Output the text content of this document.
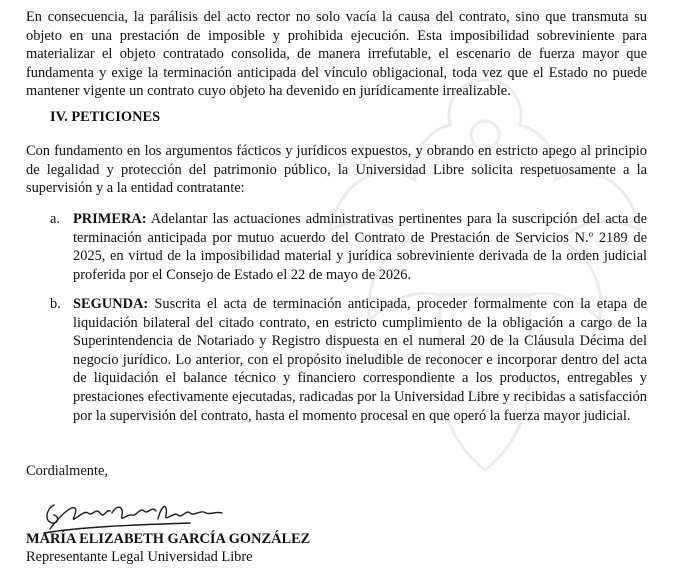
En consecuencia, la parálisis del acto rector no solo vacía la causa del contrato, sino que transmuta su objeto en una prestación de imposible y prohibida ejecución. Esta imposibilidad sobreviniente para materializar el objeto contratado consolida, de manera irrefutable, el escenario de fuerza mayor que fundamenta y exige la terminación anticipada del vínculo obligacional, toda vez que el Estado no puede mantener vigente un contrato cuyo objeto ha devenido en jurídicamente irrealizable.
IV. PETICIONES
Con fundamento en los argumentos fácticos y jurídicos expuestos, y obrando en estricto apego al principio de legalidad y protección del patrimonio público, la Universidad Libre solicita respetuosamente a la supervisión y a la entidad contratante:
a. PRIMERA: Adelantar las actuaciones administrativas pertinentes para la suscripción del acta de terminación anticipada por mutuo acuerdo del Contrato de Prestación de Servicios N.º 2189 de 2025, en virtud de la imposibilidad material y jurídica sobreviniente derivada de la orden judicial proferida por el Consejo de Estado el 22 de mayo de 2026.
b. SEGUNDA: Suscrita el acta de terminación anticipada, proceder formalmente con la etapa de liquidación bilateral del citado contrato, en estricto cumplimiento de la obligación a cargo de la Superintendencia de Notariado y Registro dispuesta en el numeral 20 de la Cláusula Décima del negocio jurídico. Lo anterior, con el propósito ineludible de reconocer e incorporar dentro del acta de liquidación el balance técnico y financiero correspondiente a los productos, entregables y prestaciones efectivamente ejecutadas, radicadas por la Universidad Libre y recibidas a satisfacción por la supervisión del contrato, hasta el momento procesal en que operó la fuerza mayor judicial.
Cordialmente,
MARÍA ELIZABETH GARCÍA GONZÁLEZ
Representante Legal Universidad Libre
